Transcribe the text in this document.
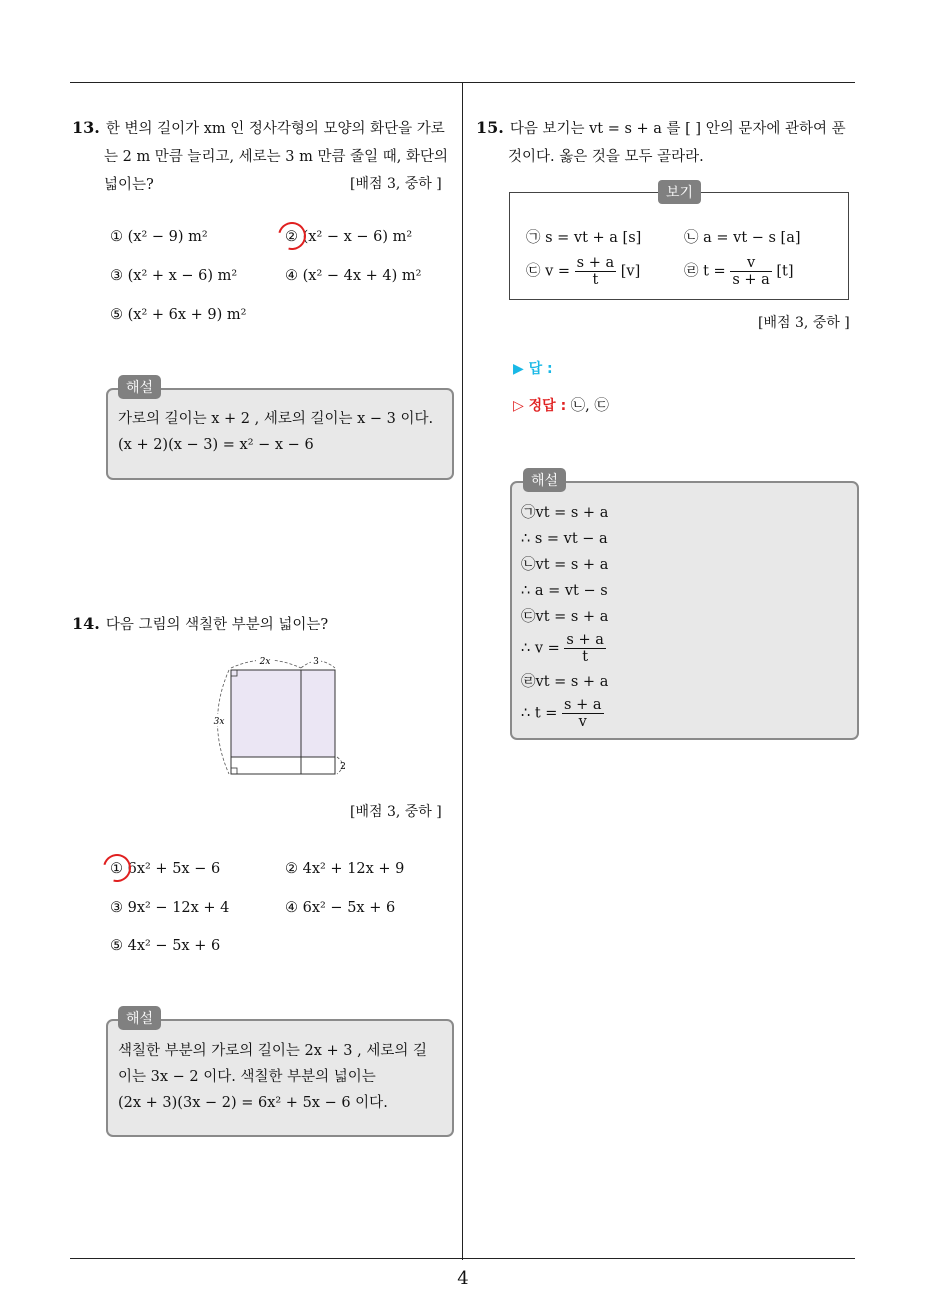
13. 한 변의 길이가 xm 인 정사각형의 모양의 화단을 가로
는 2 m 만큼 늘리고, 세로는 3 m 만큼 줄일 때, 화단의
넓이는?	[배점 3, 중하 ]
① (x² − 9) m²	② (x² − x − 6) m²
③ (x² + x − 6) m²	④ (x² − 4x + 4) m²
⑤ (x² + 6x + 9) m²
해설
가로의 길이는 x + 2 , 세로의 길이는 x − 3 이다.
(x + 2)(x − 3) = x² − x − 6
14. 다음 그림의 색칠한 부분의 넓이는?
2x	3
3x
2
[배점 3, 중하 ]
① 6x² + 5x − 6	② 4x² + 12x + 9
③ 9x² − 12x + 4	④ 6x² − 5x + 6
⑤ 4x² − 5x + 6
해설
색칠한 부분의 가로의 길이는 2x + 3 , 세로의 길
이는 3x − 2 이다. 색칠한 부분의 넓이는
(2x + 3)(3x − 2) = 6x² + 5x − 6 이다.
15. 다음 보기는 vt = s + a 를 [ ] 안의 문자에 관하여 푼
것이다. 옳은 것을 모두 골라라.
보기
㉠ s = vt + a [s]	㉡ a = vt − s [a]
㉢ $v = \frac{s + a}{t} [v]$	㉣ $t = \frac{v}{s + a} [t]$
[배점 3, 중하 ]
▶ 답 :
▷ 정답 : ㉡, ㉢
해설
㉠vt = s + a
∴ s = vt − a
㉡vt = s + a
∴ a = vt − s
㉢vt = s + a
∴ $v = \frac{s + a}{t}$
㉣vt = s + a
∴ $t = \frac{s + a}{v}$
4
